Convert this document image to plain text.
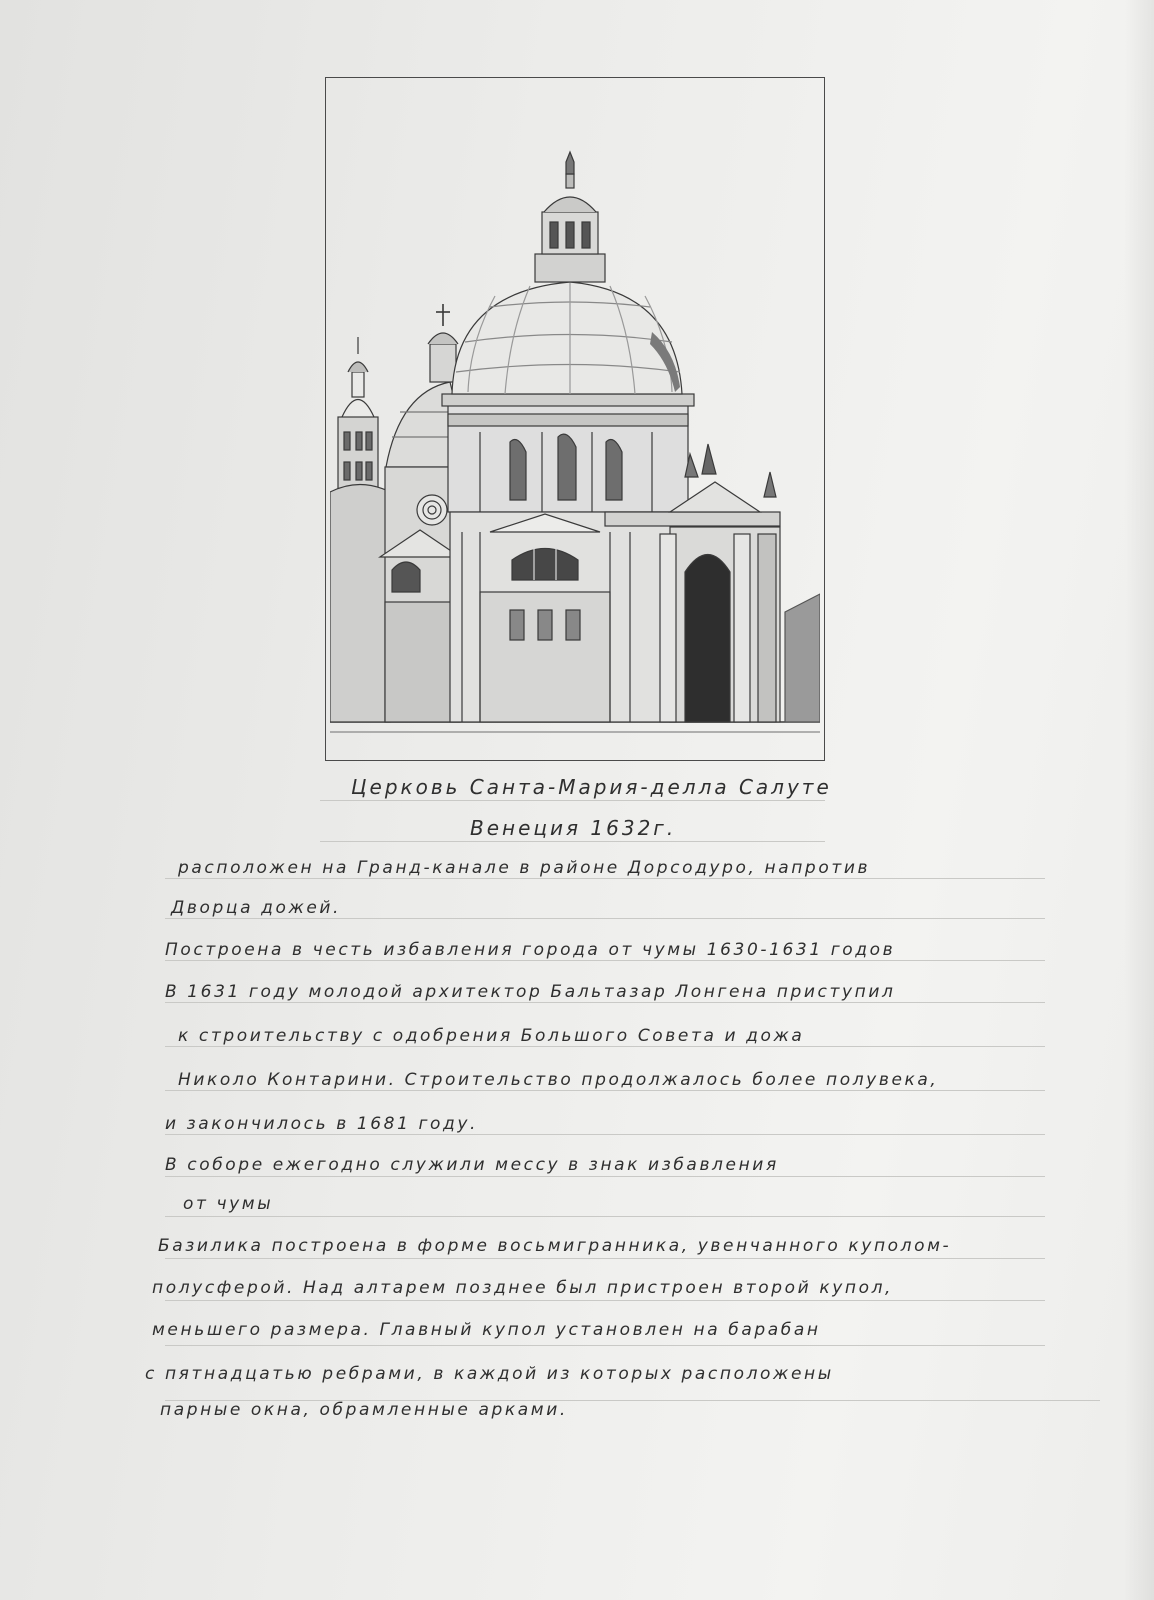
Церковь Санта-Мария-делла Салуте
Венеция 1632г.
расположен на Гранд-канале в районе Дорсодуро, напротив
Дворца дожей.
Построена в честь избавления города от чумы 1630-1631 годов
В 1631 году молодой архитектор Бальтазар Лонгена приступил
к строительству с одобрения Большого Совета и дожа
Николо Контарини. Строительство продолжалось более полувека,
и закончилось в 1681 году.
В соборе ежегодно служили мессу в знак избавления
от чумы
Базилика построена в форме восьмигранника, увенчанного куполом-
полусферой. Над алтарем позднее был пристроен второй купол,
меньшего размера. Главный купол установлен на барабан
с пятнадцатью ребрами, в каждой из которых расположены
парные окна, обрамленные арками.
